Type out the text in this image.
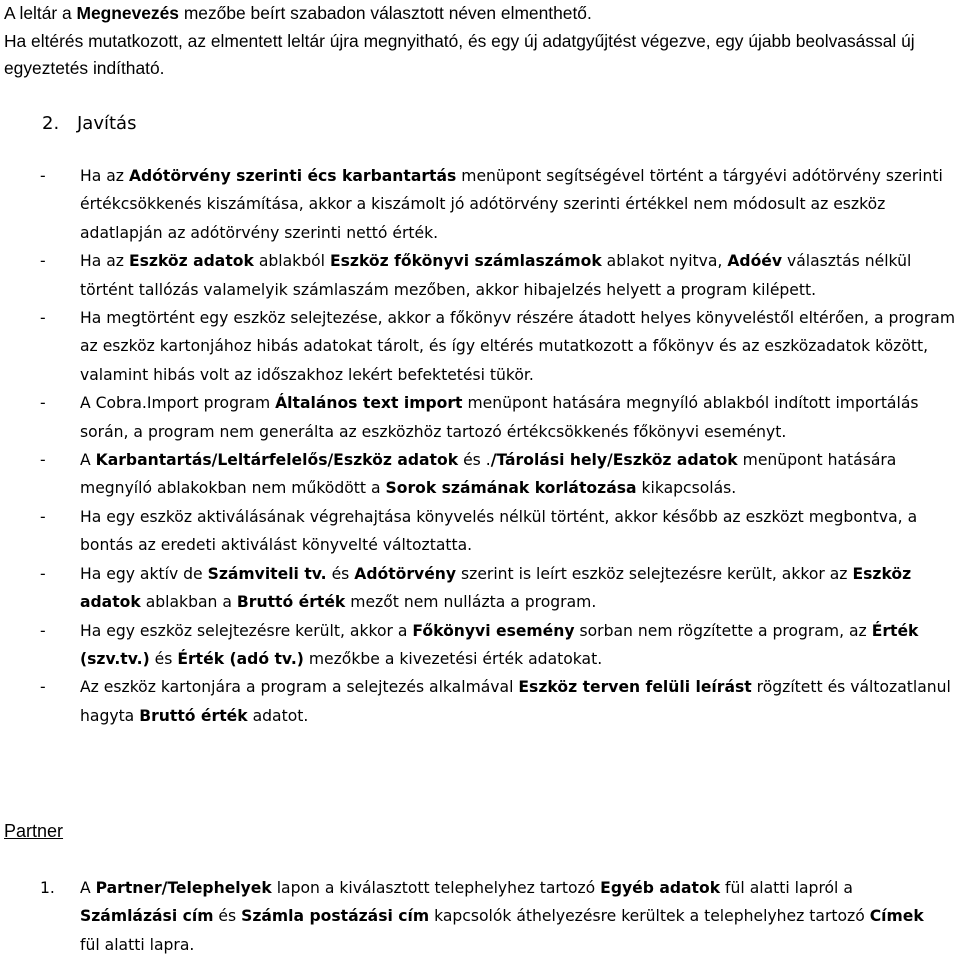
A leltár a Megnevezés mezőbe beírt szabadon választott néven elmenthető.

Ha eltérés mutatkozott, az elmentett leltár újra megnyitható, és egy új adatgyűjtést végezve, egy újabb beolvasással új egyeztetés indítható.

2. Javítás
- Ha az Adótörvény szerinti écs karbantartás menüpont segítségével történt a tárgyévi adótörvény szerinti értékcsökkenés kiszámítása, akkor a kiszámolt jó adótörvény szerinti értékkel nem módosult az eszköz adatlapján az adótörvény szerinti nettó érték.
- Ha az Eszköz adatok ablakból Eszköz főkönyvi számlaszámok ablakot nyitva, Adóév választás nélkül történt tallózás valamelyik számlaszám mezőben, akkor hibajelzés helyett a program kilépett.
- Ha megtörtént egy eszköz selejtezése, akkor a főkönyv részére átadott helyes könyveléstől eltérően, a program az eszköz kartonjához hibás adatokat tárolt, és így eltérés mutatkozott a főkönyv és az eszközadatok között, valamint hibás volt az időszakhoz lekért befektetési tükör.
- A Cobra.Import program Általános text import menüpont hatására megnyíló ablakból indított importálás során, a program nem generálta az eszközhöz tartozó értékcsökkenés főkönyvi eseményt.
- A Karbantartás/Leltárfelelős/Eszköz adatok és ./Tárolási hely/Eszköz adatok menüpont hatására megnyíló ablakokban nem működött a Sorok számának korlátozása kikapcsolás.
- Ha egy eszköz aktiválásának végrehajtása könyvelés nélkül történt, akkor később az eszközt megbontva, a bontás az eredeti aktiválást könyvelté változtatta.
- Ha egy aktív de Számviteli tv. és Adótörvény szerint is leírt eszköz selejtezésre került, akkor az Eszköz adatok ablakban a Bruttó érték mezőt nem nullázta a program.
- Ha egy eszköz selejtezésre került, akkor a Főkönyvi esemény sorban nem rögzítette a program, az Érték (szv.tv.) és Érték (adó tv.) mezőkbe a kivezetési érték adatokat.
- Az eszköz kartonjára a program a selejtezés alkalmával Eszköz terven felüli leírást rögzített és változatlanul hagyta Bruttó érték adatot.
Partner
1. A Partner/Telephelyek lapon a kiválasztott telephelyhez tartozó Egyéb adatok fül alatti lapról a Számlázási cím és Számla postázási cím kapcsolók áthelyezésre kerültek a telephelyhez tartozó Címek fül alatti lapra.
